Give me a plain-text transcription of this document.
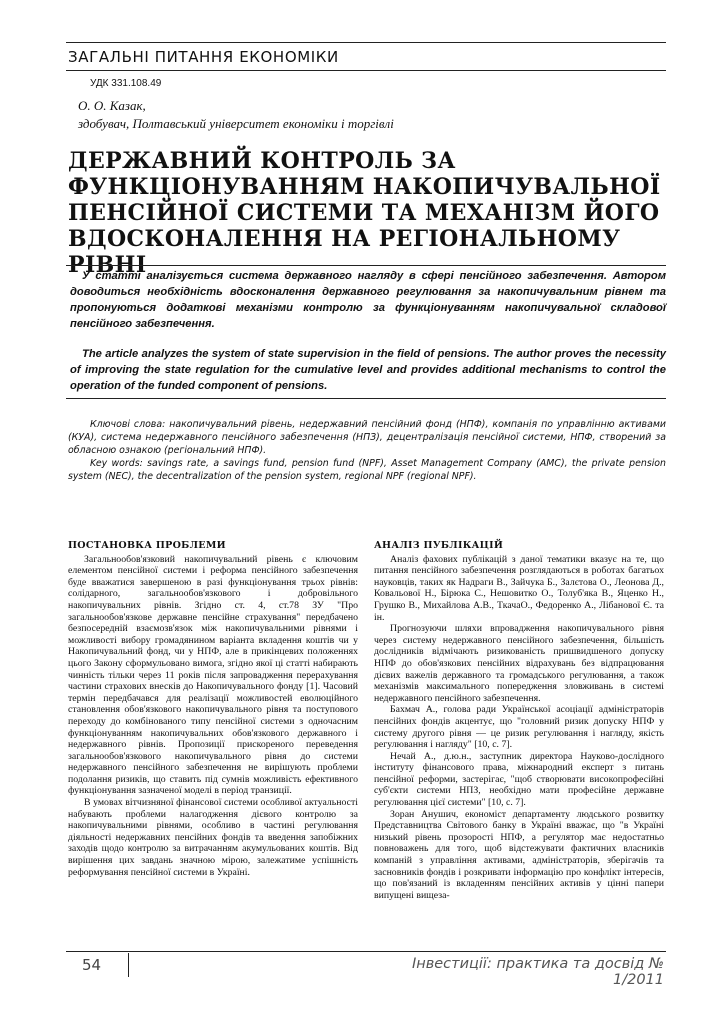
ЗАГАЛЬНІ ПИТАННЯ ЕКОНОМІКИ
УДК 331.108.49
О. О. Казак,
здобувач, Полтавський університет економіки і торгівлі
ДЕРЖАВНИЙ КОНТРОЛЬ ЗА ФУНКЦІОНУВАННЯМ НАКОПИЧУВАЛЬНОЇ ПЕНСІЙНОЇ СИСТЕМИ ТА МЕХАНІЗМ ЙОГО ВДОСКОНАЛЕННЯ НА РЕГІОНАЛЬНОМУ РІВНІ
У статті аналізується система державного нагляду в сфері пенсійного забезпечення. Автором доводиться необхідність вдосконалення державного регулювання за накопичувальним рівнем та пропонуються додаткові механізми контролю за функціонуванням накопичувальної складової пенсійного забезпечення.
The article analyzes the system of state supervision in the field of pensions. The author proves the necessity of improving the state regulation for the cumulative level and provides additional mechanisms to control the operation of the funded component of pensions.

Ключові слова: накопичувальний рівень, недержавний пенсійний фонд (НПФ), компанія по управлінню активами (КУА), система недержавного пенсійного забезпечення (НПЗ), децентралізація пенсійної системи, НПФ, створений за обласною ознакою (регіональний НПФ).

Key words: savings rate, a savings fund, pension fund (NPF), Asset Management Company (AMC), the private pension system (NEC), the decentralization of the pension system, regional NPF (regional NPF).

ПОСТАНОВКА ПРОБЛЕМИ

Загальнообов'язковий накопичувальний рівень є ключовим елементом пенсійної системи і реформа пенсійного забезпечення буде вважатися завершеною в разі функціонування трьох рівнів: солідарного, загальнообов'язкового і добровільного накопичувальних рівнів. Згідно ст. 4, ст.78 ЗУ "Про загальнообов'язкове державне пенсійне страхування" передбачено безпосередній взаємозв'язок між накопичувальними рівнями і можливості вибору громадянином варіанта вкладення коштів чи у Накопичувальний фонд, чи у НПФ, але в прикінцевих положеннях цього Закону сформульовано вимога, згідно якої ці статті набирають чинність тільки через 11 років після запровадження перерахування частини страхових внесків до Накопичувального фонду [1]. Часовий термін передбачався для реалізації можливостей еволюційного становлення обов'язкового накопичувального рівня та поступового переходу до комбінованого типу пенсійної системи з одночасним функціонуванням накопичувальних обов'язкового державного і недержавного рівнів. Пропозиції прискореного переведення загальнообов'язкового накопичувального рівня до системи недержавного пенсійного забезпечення не вирішують проблеми подолання ризиків, що ставить під сумнів можливість ефективного функціонування зазначеної моделі в період транзиції.

В умовах вітчизняної фінансової системи особливої актуальності набувають проблеми налагодження дієвого контролю за накопичувальними рівнями, особливо в частині регулювання діяльності недержавних пенсійних фондів та введення запобіжних заходів щодо контролю за витрачанням акумульованих коштів. Від вирішення цих завдань значною мірою, залежатиме успішність реформування пенсійної системи в Україні.

АНАЛІЗ ПУБЛІКАЦІЙ

Аналіз фахових публікацій з даної тематики вказує на те, що питання пенсійного забезпечення розглядаються в роботах багатьох науковців, таких як Надраги В., Зайчука Б., Залєтова О., Леонова Д., Ковальової Н., Бірюка С., Нешовитко О., Толуб'яка В., Яценко Н., Грушко В., Михайлова А.В., ТкачаО., Федоренко А., Лібанової Є. та ін.

Прогнозуючи шляхи впровадження накопичувального рівня через систему недержавного пенсійного забезпечення, більшість дослідників відмічають ризикованість пришвидшеного допуску НПФ до обов'язкових пенсійних відрахувань без відпрацювання дієвих важелів державного та громадського регулювання, а також механізмів максимального попередження зловживань в системі недержавного пенсійного забезпечення.

Бахмач А., голова ради Української асоціації адміністраторів пенсійних фондів акцентує, що "головний ризик допуску НПФ у систему другого рівня — це ризик регулювання і нагляду, якість регулювання і нагляду" [10, с. 7].

Нечай А., д.ю.н., заступник директора Науково-дослідного інституту фінансового права, міжнародний експерт з питань пенсійної реформи, застерігає, "щоб створювати високопрофесійні суб'єкти системи НПЗ, необхідно мати професійне державне регулювання цієї системи" [10, с. 7].

Зоран Анушич, економіст департаменту людського розвитку Представництва Світового банку в Україні вважає, що "в Україні низький рівень прозорості НПФ, а регулятор має недостатньо повноважень для того, щоб відстежувати фактичних власників компаній з управління активами, адміністраторів, зберігачів та засновників фондів і розкривати інформацію про конфлікт інтересів, що пов'язаний із вкладенням пенсійних активів у цінні папери випущені вищеза-

54	Інвестиції: практика та досвід № 1/2011
